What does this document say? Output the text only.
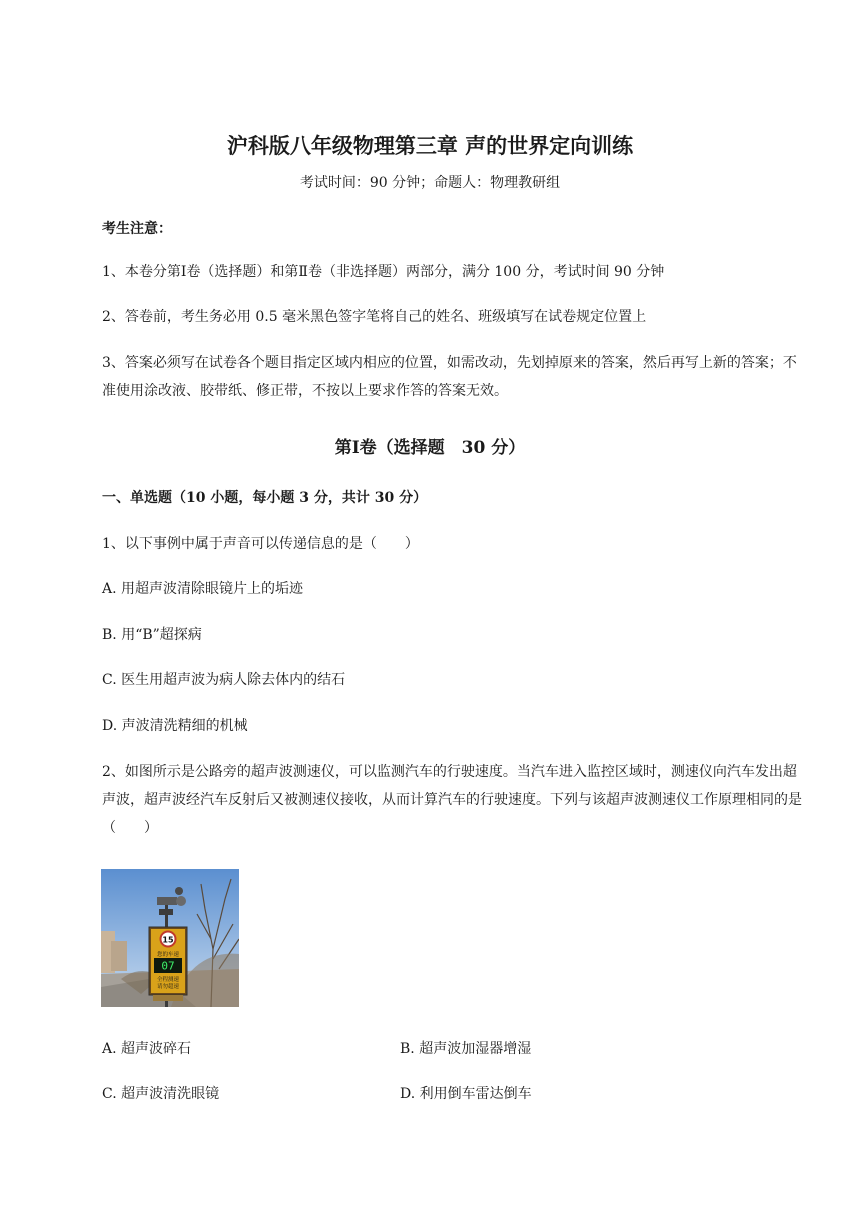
沪科版八年级物理第三章 声的世界定向训练
考试时间：90 分钟；命题人：物理教研组
考生注意：
1、本卷分第Ⅰ卷（选择题）和第Ⅱ卷（非选择题）两部分，满分 100 分，考试时间 90 分钟
2、答卷前，考生务必用 0.5 毫米黑色签字笔将自己的姓名、班级填写在试卷规定位置上
3、答案必须写在试卷各个题目指定区域内相应的位置，如需改动，先划掉原来的答案，然后再写上新的答案；不准使用涂改液、胶带纸、修正带，不按以上要求作答的答案无效。
第Ⅰ卷（选择题　30 分）
一、单选题（10 小题，每小题 3 分，共计 30 分）
1、以下事例中属于声音可以传递信息的是（　　）
A. 用超声波清除眼镜片上的垢迹
B. 用“B”超探病
C. 医生用超声波为病人除去体内的结石
D. 声波清洗精细的机械
2、如图所示是公路旁的超声波测速仪，可以监测汽车的行驶速度。当汽车进入监控区域时，测速仪向汽车发出超声波，超声波经汽车反射后又被测速仪接收，从而计算汽车的行驶速度。下列与该超声波测速仪工作原理相同的是（　　）
15
您的车速
07
全程测速
请勿超速
A. 超声波碎石	B. 超声波加湿器增湿
C. 超声波清洗眼镜	D. 利用倒车雷达倒车
